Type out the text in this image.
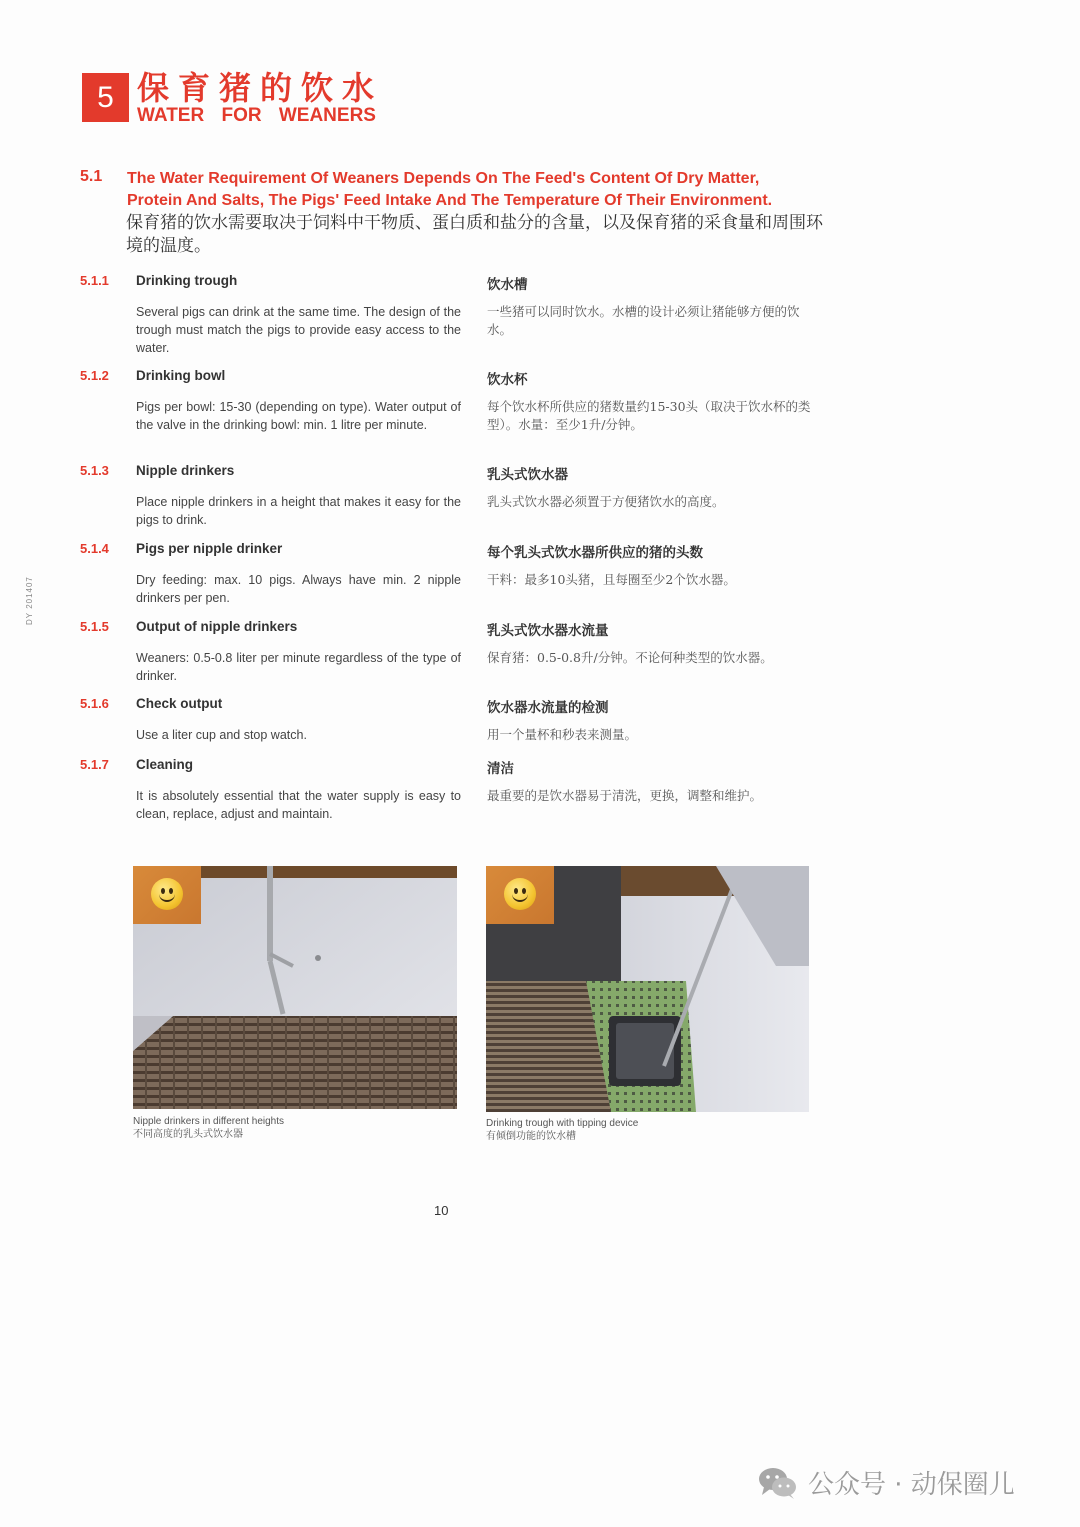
5 保育猪的饮水
WATER FOR WEANERS
5.1 The Water Requirement Of Weaners Depends On The Feed's Content Of Dry Matter, Protein And Salts, The Pigs' Feed Intake And The Temperature Of Their Environment.
保育猪的饮水需要取决于饲料中干物质、蛋白质和盐分的含量，以及保育猪的采食量和周围环境的温度。
5.1.1 Drinking trough
Several pigs can drink at the same time. The design of the trough must match the pigs to provide easy access to the water.
饮水槽
一些猪可以同时饮水。水槽的设计必须让猪能够方便的饮水。
5.1.2 Drinking bowl
Pigs per bowl: 15-30 (depending on type). Water output of the valve in the drinking bowl: min. 1 litre per minute.
饮水杯
每个饮水杯所供应的猪数量约15-30头（取决于饮水杯的类型）。水量：至少1升/分钟。
5.1.3 Nipple drinkers
Place nipple drinkers in a height that makes it easy for the pigs to drink.
乳头式饮水器
乳头式饮水器必须置于方便猪饮水的高度。
5.1.4 Pigs per nipple drinker
Dry feeding: max. 10 pigs. Always have min. 2 nipple drinkers per pen.
每个乳头式饮水器所供应的猪的头数
干料：最多10头猪，且每圈至少2个饮水器。
5.1.5 Output of nipple drinkers
Weaners: 0.5-0.8 liter per minute regardless of the type of drinker.
乳头式饮水器水流量
保育猪：0.5-0.8升/分钟。不论何种类型的饮水器。
5.1.6 Check output
Use a liter cup and stop watch.
饮水器水流量的检测
用一个量杯和秒表来测量。
5.1.7 Cleaning
It is absolutely essential that the water supply is easy to clean, replace, adjust and maintain.
清洁
最重要的是饮水器易于清洗，更换，调整和维护。
DY 201407
Nipple drinkers in different heights
不同高度的乳头式饮水器
Drinking trough with tipping device
有倾倒功能的饮水槽
10
公众号 · 动保圈儿
